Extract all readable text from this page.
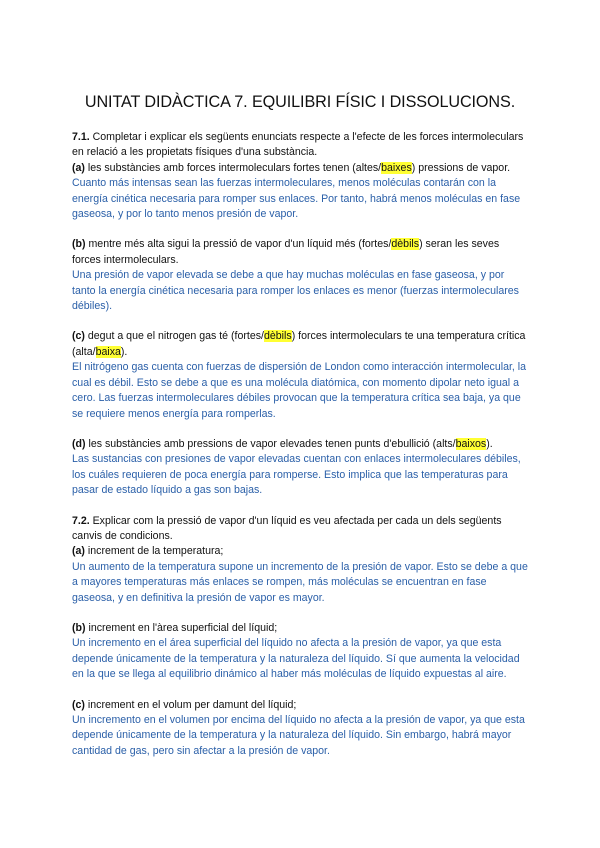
UNITAT DIDÀCTICA 7. EQUILIBRI FÍSIC I DISSOLUCIONS.

7.1. Completar i explicar els següents enunciats respecte a l'efecte de les forces intermoleculars en relació a les propietats físiques d'una substància.

(a) les substàncies amb forces intermoleculars fortes tenen (altes/baixes) pressions de vapor.

Cuanto más intensas sean las fuerzas intermoleculares, menos moléculas contarán con la energía cinética necesaria para romper sus enlaces. Por tanto, habrá menos moléculas en fase gaseosa, y por lo tanto menos presión de vapor.

(b) mentre més alta sigui la pressió de vapor d'un líquid més (fortes/dèbils) seran les seves forces intermoleculars.

Una presión de vapor elevada se debe a que hay muchas moléculas en fase gaseosa, y por tanto la energía cinética necesaria para romper los enlaces es menor (fuerzas intermoleculares débiles).

(c) degut a que el nitrogen gas té (fortes/dèbils) forces intermoleculars te una temperatura crítica (alta/baixa).

El nitrógeno gas cuenta con fuerzas de dispersión de London como interacción intermolecular, la cual es débil. Esto se debe a que es una molécula diatómica, con momento dipolar neto igual a cero. Las fuerzas intermoleculares débiles provocan que la temperatura crítica sea baja, ya que se requiere menos energía para romperlas.

(d) les substàncies amb pressions de vapor elevades tenen punts d'ebullició (alts/baixos).

Las sustancias con presiones de vapor elevadas cuentan con enlaces intermoleculares débiles, los cuáles requieren de poca energía para romperse. Esto implica que las temperaturas para pasar de estado líquido a gas son bajas.

7.2. Explicar com la pressió de vapor d'un líquid es veu afectada per cada un dels següents canvis de condicions.

(a) increment de la temperatura;

Un aumento de la temperatura supone un incremento de la presión de vapor. Esto se debe a que a mayores temperaturas más enlaces se rompen, más moléculas se encuentran en fase gaseosa, y en definitiva la presión de vapor es mayor.

(b) increment en l'àrea superficial del líquid;

Un incremento en el área superficial del líquido no afecta a la presión de vapor, ya que esta depende únicamente de la temperatura y la naturaleza del líquido. Sí que aumenta la velocidad en la que se llega al equilibrio dinámico al haber más moléculas de líquido expuestas al aire.

(c) increment en el volum per damunt del líquid;

Un incremento en el volumen por encima del líquido no afecta a la presión de vapor, ya que esta depende únicamente de la temperatura y la naturaleza del líquido. Sin embargo, habrá mayor cantidad de gas, pero sin afectar a la presión de vapor.
